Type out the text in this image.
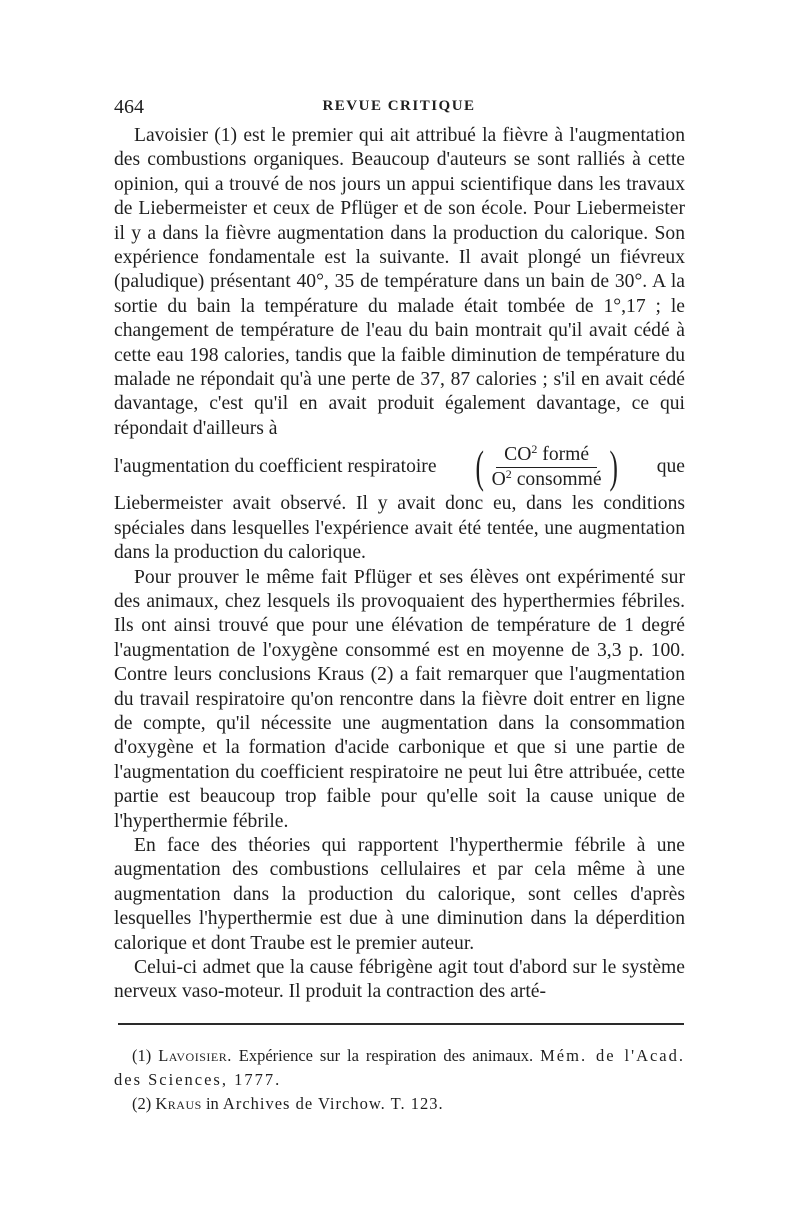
464	REVUE CRITIQUE

Lavoisier (1) est le premier qui ait attribué la fièvre à l'augmentation des combustions organiques. Beaucoup d'auteurs se sont ralliés à cette opinion, qui a trouvé de nos jours un appui scientifique dans les travaux de Liebermeister et ceux de Pflüger et de son école. Pour Liebermeister il y a dans la fièvre augmentation dans la production du calorique. Son expérience fondamentale est la suivante. Il avait plongé un fiévreux (paludique) présentant 40°, 35 de température dans un bain de 30°. A la sortie du bain la température du malade était tombée de 1°,17 ; le changement de température de l'eau du bain montrait qu'il avait cédé à cette eau 198 calories, tandis que la faible diminution de température du malade ne répondait qu'à une perte de 37, 87 calories ; s'il en avait cédé davantage, c'est qu'il en avait produit également davantage, ce qui répondait d'ailleurs à

l'augmentation du coefficient respiratoire ( $\frac{CO^2 formé}{O^2 consommé}$ ) que

Liebermeister avait observé. Il y avait donc eu, dans les conditions spéciales dans lesquelles l'expérience avait été tentée, une augmentation dans la production du calorique.

Pour prouver le même fait Pflüger et ses élèves ont expérimenté sur des animaux, chez lesquels ils provoquaient des hyperthermies fébriles. Ils ont ainsi trouvé que pour une élévation de température de 1 degré l'augmentation de l'oxygène consommé est en moyenne de 3,3 p. 100. Contre leurs conclusions Kraus (2) a fait remarquer que l'augmentation du travail respiratoire qu'on rencontre dans la fièvre doit entrer en ligne de compte, qu'il nécessite une augmentation dans la consommation d'oxygène et la formation d'acide carbonique et que si une partie de l'augmentation du coefficient respiratoire ne peut lui être attribuée, cette partie est beaucoup trop faible pour qu'elle soit la cause unique de l'hyperthermie fébrile.

En face des théories qui rapportent l'hyperthermie fébrile à une augmentation des combustions cellulaires et par cela même à une augmentation dans la production du calorique, sont celles d'après lesquelles l'hyperthermie est due à une diminution dans la déperdition calorique et dont Traube est le premier auteur.

Celui-ci admet que la cause fébrigène agit tout d'abord sur le système nerveux vaso-moteur. Il produit la contraction des arté-

(1) Lavoisier. Expérience sur la respiration des animaux. Mém. de l'Acad. des Sciences, 1777.

(2) Kraus in Archives de Virchow. T. 123.
